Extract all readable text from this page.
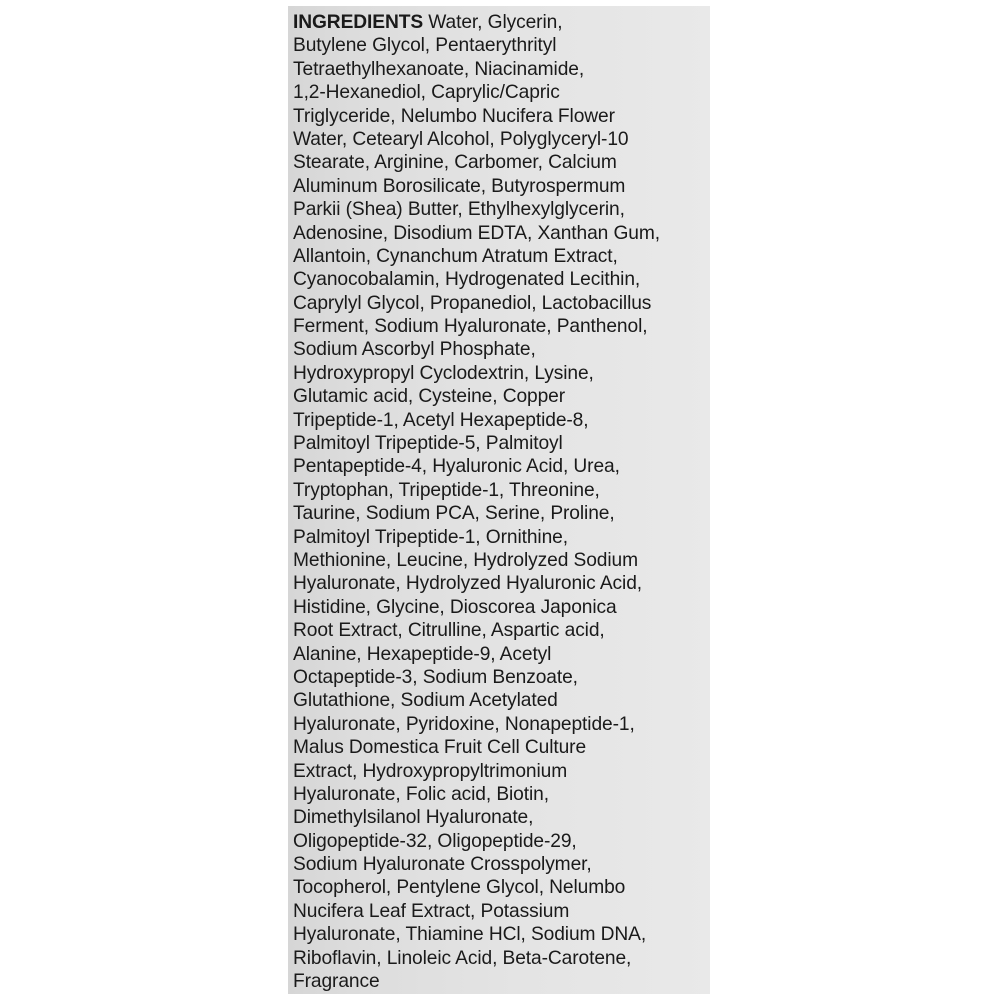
INGREDIENTS Water, Glycerin,
Butylene Glycol, Pentaerythrityl
Tetraethylhexanoate, Niacinamide,
1,2-Hexanediol, Caprylic/Capric
Triglyceride, Nelumbo Nucifera Flower
Water, Cetearyl Alcohol, Polyglyceryl-10
Stearate, Arginine, Carbomer, Calcium
Aluminum Borosilicate, Butyrospermum
Parkii (Shea) Butter, Ethylhexylglycerin,
Adenosine, Disodium EDTA, Xanthan Gum,
Allantoin, Cynanchum Atratum Extract,
Cyanocobalamin, Hydrogenated Lecithin,
Caprylyl Glycol, Propanediol, Lactobacillus
Ferment, Sodium Hyaluronate, Panthenol,
Sodium Ascorbyl Phosphate,
Hydroxypropyl Cyclodextrin, Lysine,
Glutamic acid, Cysteine, Copper
Tripeptide-1, Acetyl Hexapeptide-8,
Palmitoyl Tripeptide-5, Palmitoyl
Pentapeptide-4, Hyaluronic Acid, Urea,
Tryptophan, Tripeptide-1, Threonine,
Taurine, Sodium PCA, Serine, Proline,
Palmitoyl Tripeptide-1, Ornithine,
Methionine, Leucine, Hydrolyzed Sodium
Hyaluronate, Hydrolyzed Hyaluronic Acid,
Histidine, Glycine, Dioscorea Japonica
Root Extract, Citrulline, Aspartic acid,
Alanine, Hexapeptide-9, Acetyl
Octapeptide-3, Sodium Benzoate,
Glutathione, Sodium Acetylated
Hyaluronate, Pyridoxine, Nonapeptide-1,
Malus Domestica Fruit Cell Culture
Extract, Hydroxypropyltrimonium
Hyaluronate, Folic acid, Biotin,
Dimethylsilanol Hyaluronate,
Oligopeptide-32, Oligopeptide-29,
Sodium Hyaluronate Crosspolymer,
Tocopherol, Pentylene Glycol, Nelumbo
Nucifera Leaf Extract, Potassium
Hyaluronate, Thiamine HCl, Sodium DNA,
Riboflavin, Linoleic Acid, Beta-Carotene,
Fragrance
